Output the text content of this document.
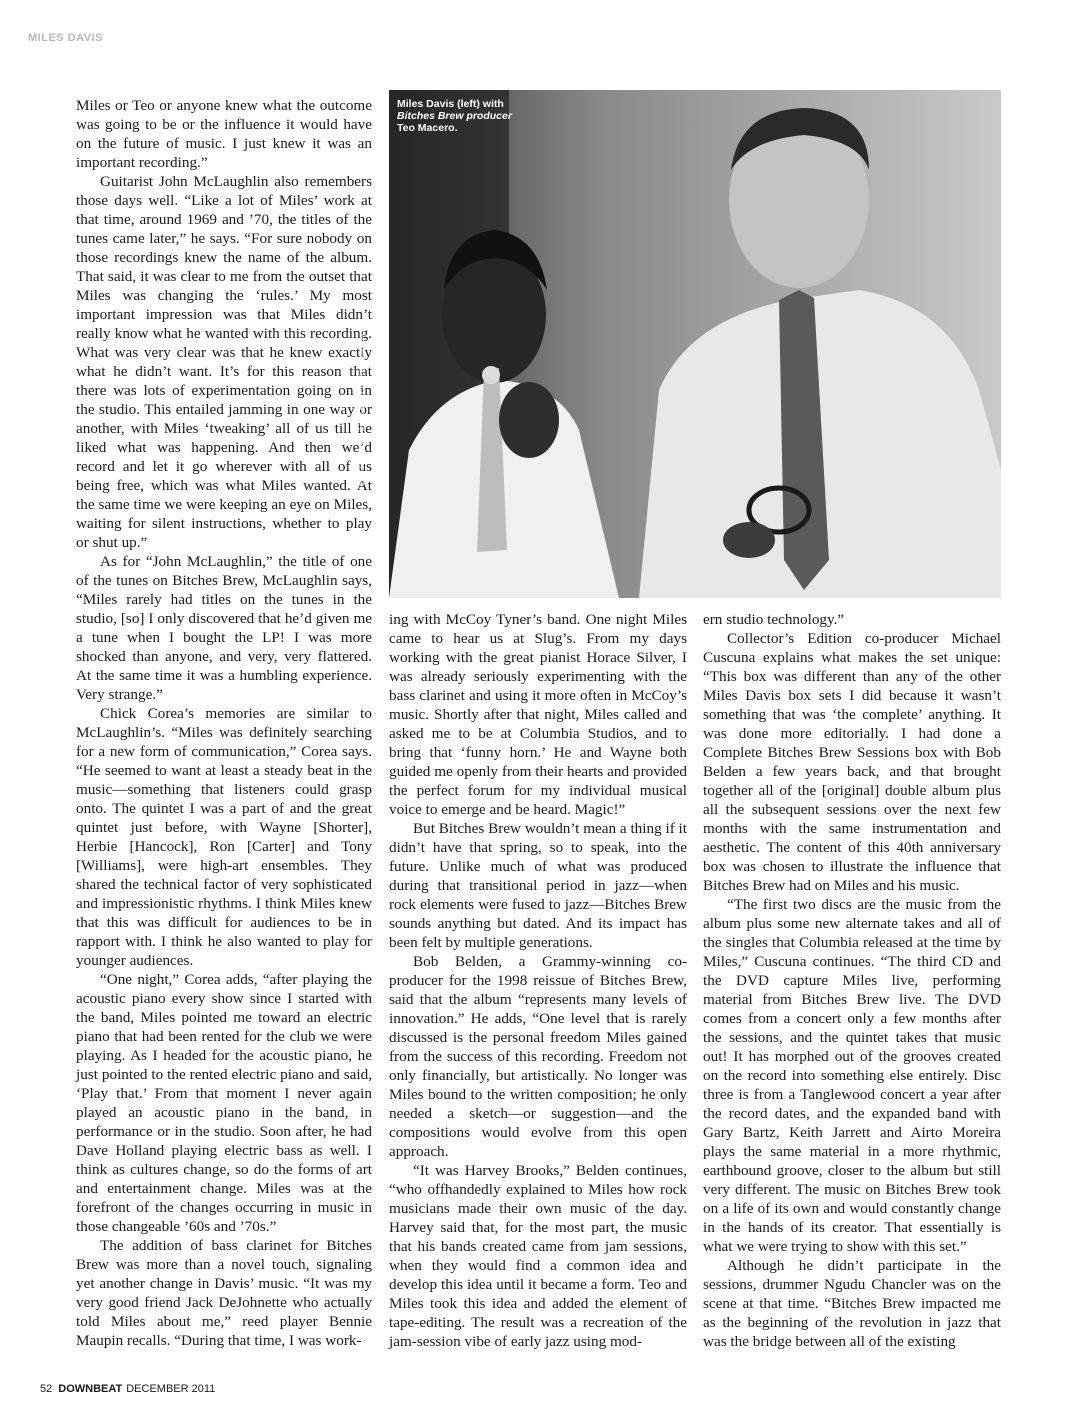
MILES DAVIS

Miles or Teo or anyone knew what the outcome was going to be or the influence it would have on the future of music. I just knew it was an important recording.”

Guitarist John McLaughlin also remembers those days well. “Like a lot of Miles’ work at that time, around 1969 and ’70, the titles of the tunes came later,” he says. “For sure nobody on those recordings knew the name of the album. That said, it was clear to me from the outset that Miles was changing the ‘rules.’ My most important impression was that Miles didn’t really know what he wanted with this recording. What was very clear was that he knew exactly what he didn’t want. It’s for this reason that there was lots of experimentation going on in the studio. This entailed jamming in one way or another, with Miles ‘tweaking’ all of us till he liked what was happening. And then we’d record and let it go wherever with all of us being free, which was what Miles wanted. At the same time we were keeping an eye on Miles, waiting for silent instructions, whether to play or shut up.”

As for “John McLaughlin,” the title of one of the tunes on Bitches Brew, McLaughlin says, “Miles rarely had titles on the tunes in the studio, [so] I only discovered that he’d given me a tune when I bought the LP! I was more shocked than anyone, and very, very flattered. At the same time it was a humbling experience. Very strange.”

Chick Corea’s memories are similar to McLaughlin’s. “Miles was definitely searching for a new form of communication,” Corea says. “He seemed to want at least a steady beat in the music—something that listeners could grasp onto. The quintet I was a part of and the great quintet just before, with Wayne [Shorter], Herbie [Hancock], Ron [Carter] and Tony [Williams], were high-art ensembles. They shared the technical factor of very sophisticated and impressionistic rhythms. I think Miles knew that this was difficult for audiences to be in rapport with. I think he also wanted to play for younger audiences.

“One night,” Corea adds, “after playing the acoustic piano every show since I started with the band, Miles pointed me toward an electric piano that had been rented for the club we were playing. As I headed for the acoustic piano, he just pointed to the rented electric piano and said, ‘Play that.’ From that moment I never again played an acoustic piano in the band, in performance or in the studio. Soon after, he had Dave Holland playing electric bass as well. I think as cultures change, so do the forms of art and entertainment change. Miles was at the forefront of the changes occurring in music in those changeable ’60s and ’70s.”

The addition of bass clarinet for Bitches Brew was more than a novel touch, signaling yet another change in Davis’ music. “It was my very good friend Jack DeJohnette who actually told Miles about me,” reed player Bennie Maupin recalls. “During that time, I was work-

Miles Davis (left) with
Bitches Brew producer
Teo Macero.
DON HUNSTEIN/SONY MUSIC ENTERTAINMENT

ing with McCoy Tyner’s band. One night Miles came to hear us at Slug’s. From my days working with the great pianist Horace Silver, I was already seriously experimenting with the bass clarinet and using it more often in McCoy’s music. Shortly after that night, Miles called and asked me to be at Columbia Studios, and to bring that ‘funny horn.’ He and Wayne both guided me openly from their hearts and provided the perfect forum for my individual musical voice to emerge and be heard. Magic!”

But Bitches Brew wouldn’t mean a thing if it didn’t have that spring, so to speak, into the future. Unlike much of what was produced during that transitional period in jazz—when rock elements were fused to jazz—Bitches Brew sounds anything but dated. And its impact has been felt by multiple generations.

Bob Belden, a Grammy-winning co-producer for the 1998 reissue of Bitches Brew, said that the album “represents many levels of innovation.” He adds, “One level that is rarely discussed is the personal freedom Miles gained from the success of this recording. Freedom not only financially, but artistically. No longer was Miles bound to the written composition; he only needed a sketch—or suggestion—and the compositions would evolve from this open approach.

“It was Harvey Brooks,” Belden continues, “who offhandedly explained to Miles how rock musicians made their own music of the day. Harvey said that, for the most part, the music that his bands created came from jam sessions, when they would find a common idea and develop this idea until it became a form. Teo and Miles took this idea and added the element of tape-editing. The result was a recreation of the jam-session vibe of early jazz using mod-

ern studio technology.”

Collector’s Edition co-producer Michael Cuscuna explains what makes the set unique: “This box was different than any of the other Miles Davis box sets I did because it wasn’t something that was ‘the complete’ anything. It was done more editorially. I had done a Complete Bitches Brew Sessions box with Bob Belden a few years back, and that brought together all of the [original] double album plus all the subsequent sessions over the next few months with the same instrumentation and aesthetic. The content of this 40th anniversary box was chosen to illustrate the influence that Bitches Brew had on Miles and his music.

“The first two discs are the music from the album plus some new alternate takes and all of the singles that Columbia released at the time by Miles,” Cuscuna continues. “The third CD and the DVD capture Miles live, performing material from Bitches Brew live. The DVD comes from a concert only a few months after the sessions, and the quintet takes that music out! It has morphed out of the grooves created on the record into something else entirely. Disc three is from a Tanglewood concert a year after the record dates, and the expanded band with Gary Bartz, Keith Jarrett and Airto Moreira plays the same material in a more rhythmic, earthbound groove, closer to the album but still very different. The music on Bitches Brew took on a life of its own and would constantly change in the hands of its creator. That essentially is what we were trying to show with this set.”

Although he didn’t participate in the sessions, drummer Ngudu Chancler was on the scene at that time. “Bitches Brew impacted me as the beginning of the revolution in jazz that was the bridge between all of the existing

52 DOWNBEAT DECEMBER 2011
